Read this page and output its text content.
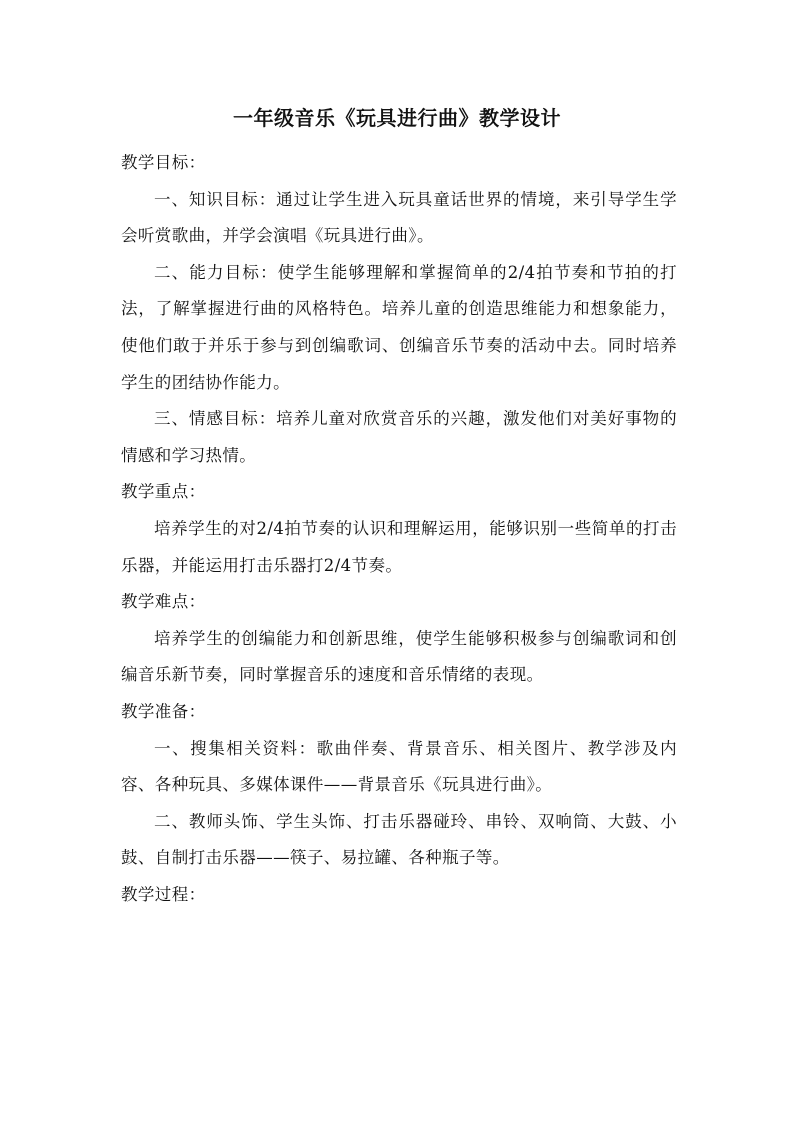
一年级音乐《玩具进行曲》教学设计

教学目标：

一、知识目标：通过让学生进入玩具童话世界的情境，来引导学生学会听赏歌曲，并学会演唱《玩具进行曲》。

二、能力目标：使学生能够理解和掌握简单的2/4拍节奏和节拍的打法，了解掌握进行曲的风格特色。培养儿童的创造思维能力和想象能力，使他们敢于并乐于参与到创编歌词、创编音乐节奏的活动中去。同时培养学生的团结协作能力。

三、情感目标：培养儿童对欣赏音乐的兴趣，激发他们对美好事物的情感和学习热情。

教学重点：

培养学生的对2/4拍节奏的认识和理解运用，能够识别一些简单的打击乐器，并能运用打击乐器打2/4节奏。

教学难点：

培养学生的创编能力和创新思维，使学生能够积极参与创编歌词和创编音乐新节奏，同时掌握音乐的速度和音乐情绪的表现。

教学准备：

一、搜集相关资料：歌曲伴奏、背景音乐、相关图片、教学涉及内容、各种玩具、多媒体课件——背景音乐《玩具进行曲》。

二、教师头饰、学生头饰、打击乐器碰玲、串铃、双响筒、大鼓、小鼓、自制打击乐器——筷子、易拉罐、各种瓶子等。

教学过程：
